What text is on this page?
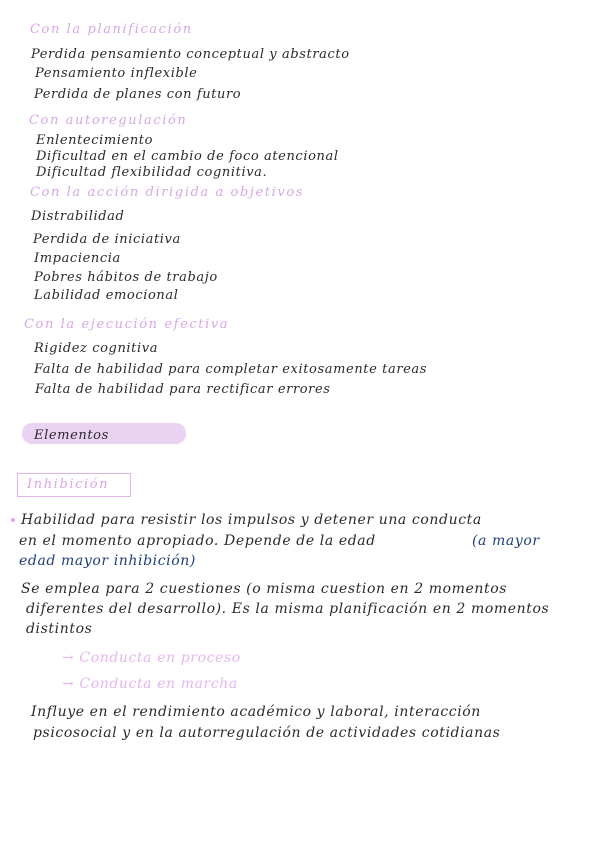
Con la planificación
Perdida pensamiento conceptual y abstracto
Pensamiento inflexible
Perdida de planes con futuro
Con autoregulación
Enlentecimiento
Dificultad en el cambio de foco atencional
Dificultad flexibilidad cognitiva.
Con la acción dirigida a objetivos
Distrabilidad
Perdida de iniciativa
Impaciencia
Pobres hábitos de trabajo
Labilidad emocional
Con la ejecución efectiva
Rigidez cognitiva
Falta de habilidad para completar exitosamente tareas
Falta de habilidad para rectificar errores
Elementos
Inhibición
Habilidad para resistir los impulsos y detener una conducta
en el momento apropiado. Depende de la edad	(a mayor
edad mayor inhibición)
Se emplea para 2 cuestiones (o misma cuestion en 2 momentos
diferentes del desarrollo). Es la misma planificación en 2 momentos
distintos
→ Conducta en proceso
→ Conducta en marcha
Influye en el rendimiento académico y laboral, interacción
psicosocial y en la autorregulación de actividades cotidianas
